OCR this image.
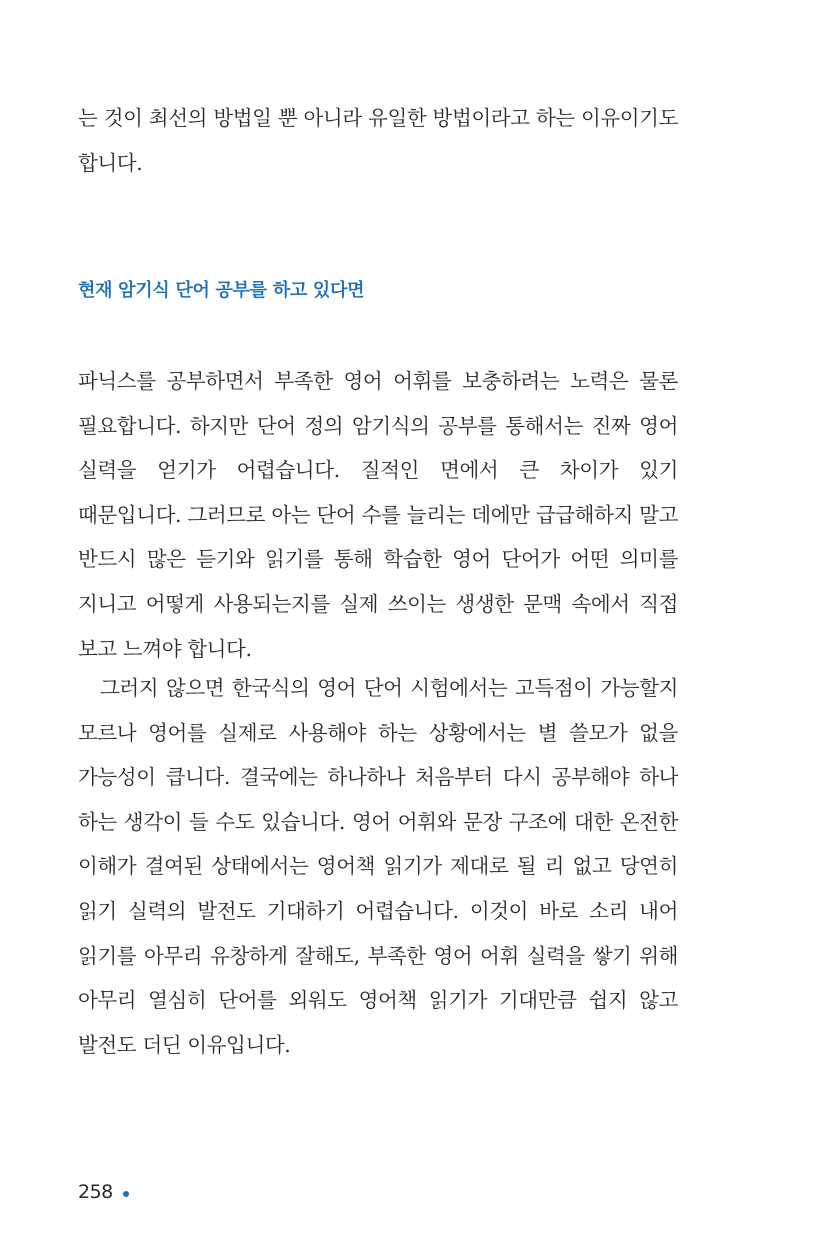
는 것이 최선의 방법일 뿐 아니라 유일한 방법이라고 하는 이유이기도 합니다.

현재 암기식 단어 공부를 하고 있다면

파닉스를 공부하면서 부족한 영어 어휘를 보충하려는 노력은 물론 필요합니다. 하지만 단어 정의 암기식의 공부를 통해서는 진짜 영어 실력을 얻기가 어렵습니다. 질적인 면에서 큰 차이가 있기 때문입니다. 그러므로 아는 단어 수를 늘리는 데에만 급급해하지 말고 반드시 많은 듣기와 읽기를 통해 학습한 영어 단어가 어떤 의미를 지니고 어떻게 사용되는지를 실제 쓰이는 생생한 문맥 속에서 직접 보고 느껴야 합니다.

그러지 않으면 한국식의 영어 단어 시험에서는 고득점이 가능할지 모르나 영어를 실제로 사용해야 하는 상황에서는 별 쓸모가 없을 가능성이 큽니다. 결국에는 하나하나 처음부터 다시 공부해야 하나 하는 생각이 들 수도 있습니다. 영어 어휘와 문장 구조에 대한 온전한 이해가 결여된 상태에서는 영어책 읽기가 제대로 될 리 없고 당연히 읽기 실력의 발전도 기대하기 어렵습니다. 이것이 바로 소리 내어 읽기를 아무리 유창하게 잘해도, 부족한 영어 어휘 실력을 쌓기 위해 아무리 열심히 단어를 외워도 영어책 읽기가 기대만큼 쉽지 않고 발전도 더딘 이유입니다.

258
